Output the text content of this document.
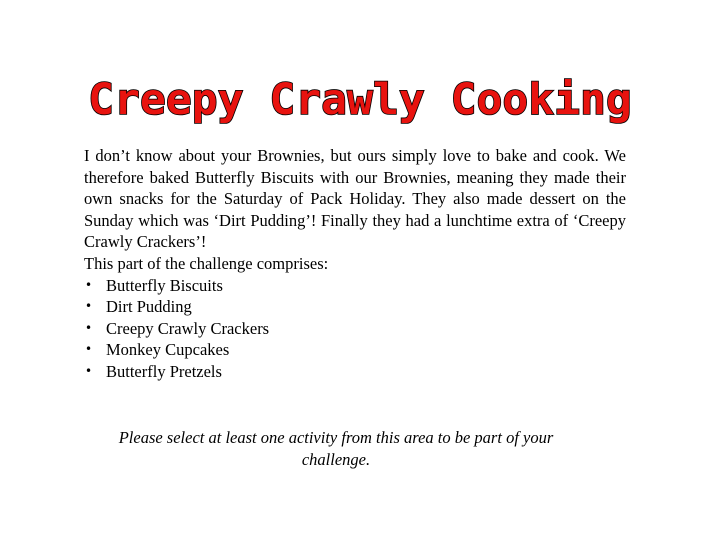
Creepy Crawly Cooking

I don’t know about your Brownies, but ours simply love to bake and cook. We therefore baked Butterfly Biscuits with our Brownies, meaning they made their own snacks for the Saturday of Pack Holiday. They also made dessert on the Sunday which was ‘Dirt Pudding’! Finally they had a lunchtime extra of ‘Creepy Crawly Crackers’!

This part of the challenge comprises:

• Butterfly Biscuits
• Dirt Pudding
• Creepy Crawly Crackers
• Monkey Cupcakes
• Butterfly Pretzels
Please select at least one activity from this area to be part of your challenge.
